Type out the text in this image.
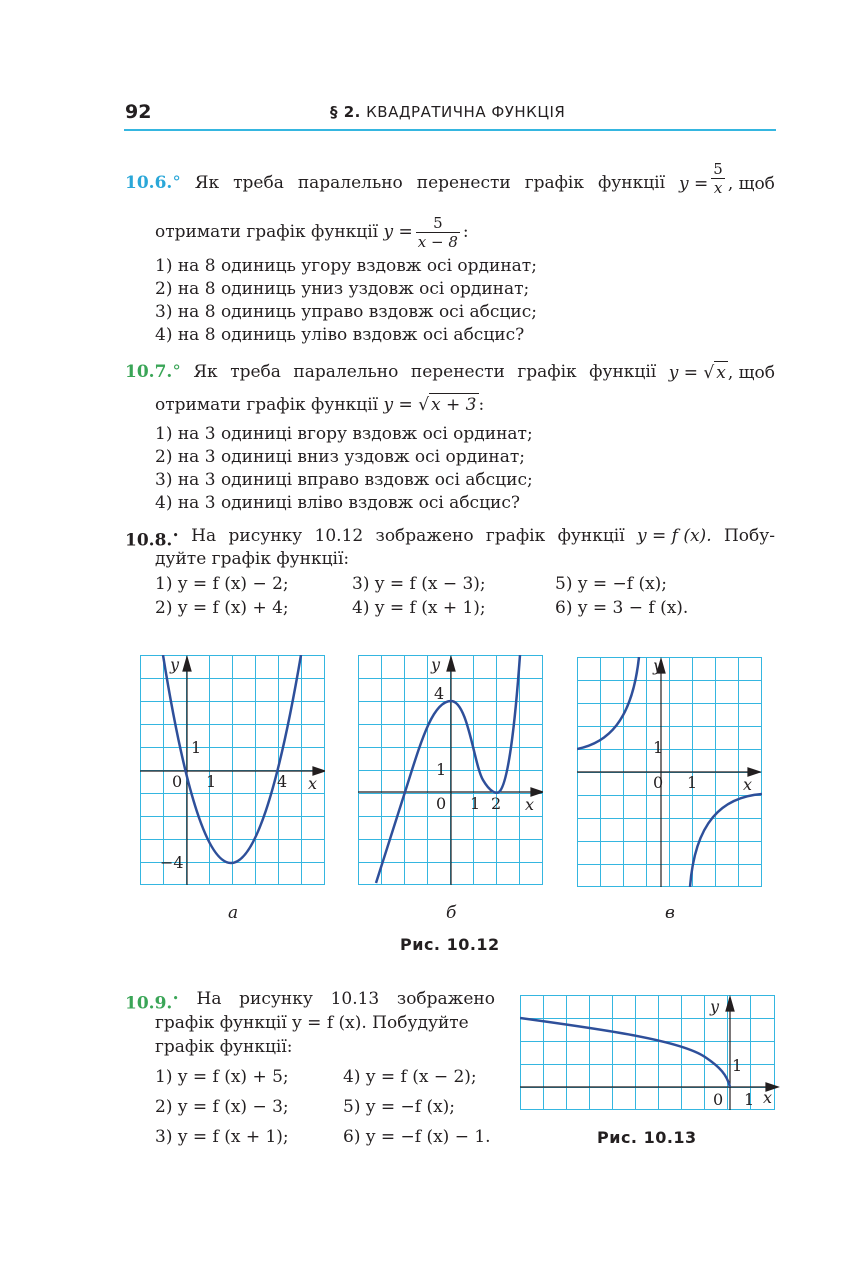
92	§ 2. КВАДРАТИЧНА ФУНКЦІЯ
10.6.° Як треба паралельно перенести графік функції $y = \frac{5}{x}$ , щоб
отримати графік функції $y = \frac{5}{x - 8}$ :
1) на 8 одиниць угору вздовж осі ординат;
2) на 8 одиниць униз уздовж осі ординат;
3) на 8 одиниць управо вздовж осі абсцис;
4) на 8 одиниць уліво вздовж осі абсцис?
10.7.° Як треба паралельно перенести графік функції y = √ x , щоб
отримати графік функції y = √ x + 3 :
1) на 3 одиниці вгору вздовж осі ординат;
2) на 3 одиниці вниз уздовж осі ординат;
3) на 3 одиниці вправо вздовж осі абсцис;
4) на 3 одиниці вліво вздовж осі абсцис?
10.8.• На рисунку 10.12 зображено графік функції y = f (x). Побу-
дуйте графік функції:
1) y = f (x) − 2;
2) y = f (x) + 4;
3) y = f (x − 3);
4) y = f (x + 1);
5) y = −f (x);
6) y = 3 − f (x).
y
x
0 1	4
1
−4
y
x
0 1 2
1
4
y
x
0 1
1
а	б	в
Рис. 10.12
10.9.• На рисунку 10.13 зображено
графік функції y = f (x). Побудуйте
графік функції:
1) y = f (x) + 5;
2) y = f (x) − 3;
3) y = f (x + 1);
4) y = f (x − 2);
5) y = −f (x);
6) y = −f (x) − 1.
y
x
0 1
1
Рис. 10.13
